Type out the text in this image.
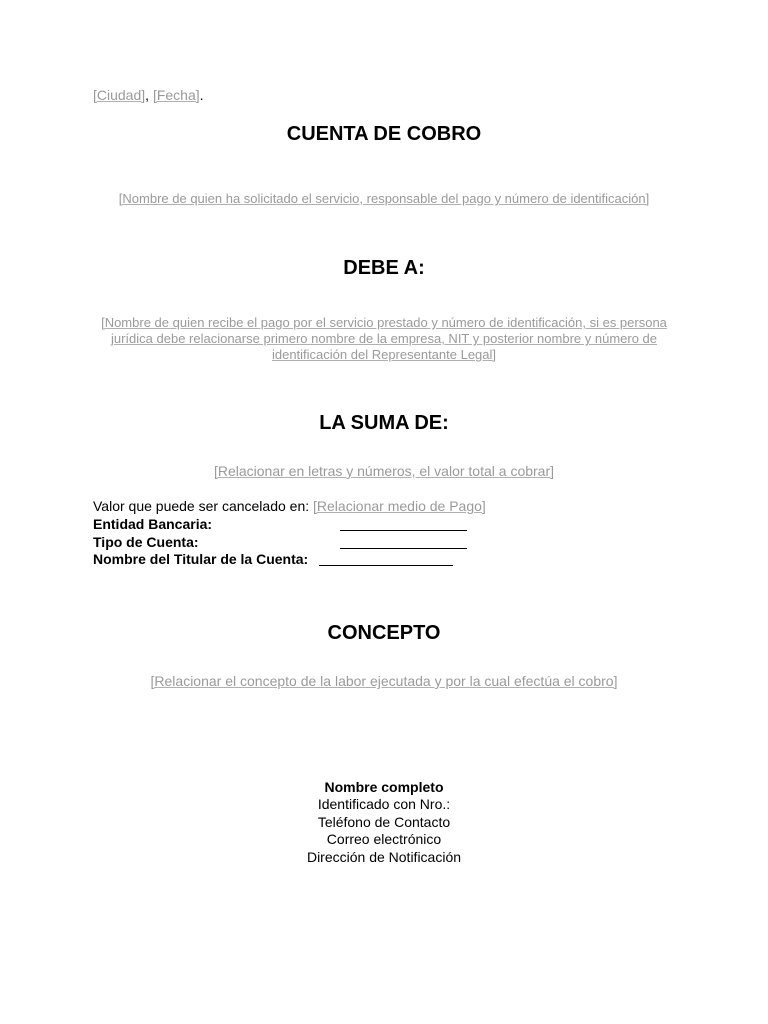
[Ciudad], [Fecha].
CUENTA DE COBRO
[Nombre de quien ha solicitado el servicio, responsable del pago y número de identificación]
DEBE A:
[Nombre de quien recibe el pago por el servicio prestado y número de identificación, si es persona jurídica debe relacionarse primero nombre de la empresa, NIT y posterior nombre y número de identificación del Representante Legal]
LA SUMA DE:
[Relacionar en letras y números, el valor total a cobrar]
Valor que puede ser cancelado en: [Relacionar medio de Pago]
Entidad Bancaria:
Tipo de Cuenta:
Nombre del Titular de la Cuenta:
CONCEPTO
[Relacionar el concepto de la labor ejecutada y por la cual efectúa el cobro]
Nombre completo
Identificado con Nro.:
Teléfono de Contacto
Correo electrónico
Dirección de Notificación
